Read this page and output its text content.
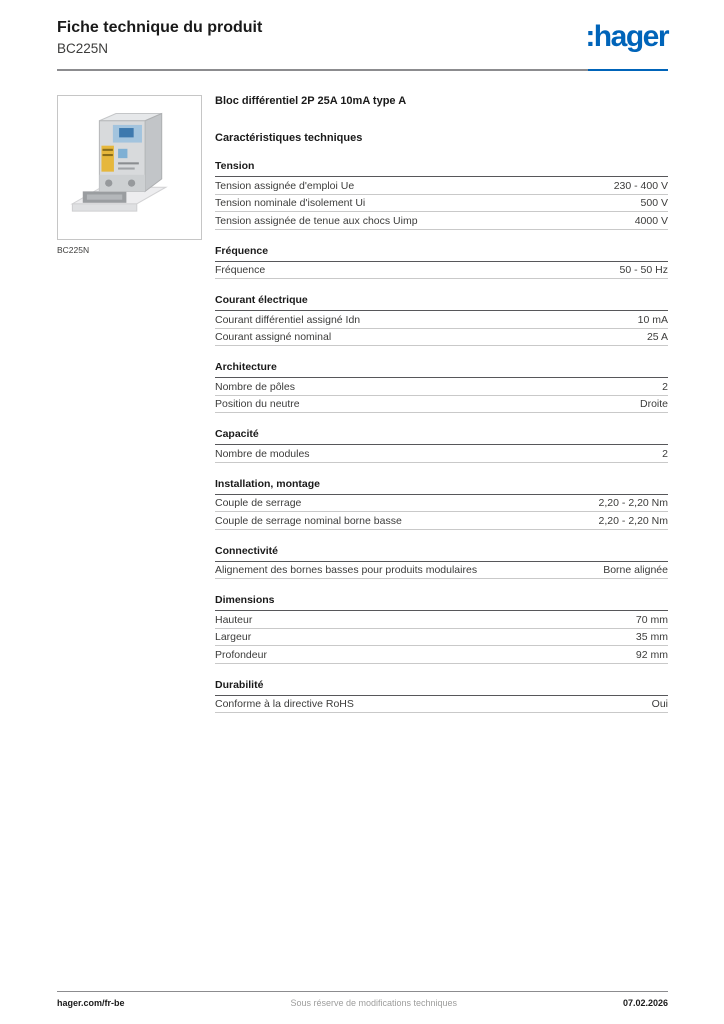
Fiche technique du produit
BC225N	:hager
BC225N
Bloc différentiel 2P 25A 10mA type A
Caractéristiques techniques
Tension
Tension assignée d'emploi Ue	230 - 400 V
Tension nominale d'isolement Ui	500 V
Tension assignée de tenue aux chocs Uimp	4000 V
Fréquence
Fréquence	50 - 50 Hz
Courant électrique
Courant différentiel assigné Idn	10 mA
Courant assigné nominal	25 A
Architecture
Nombre de pôles	2
Position du neutre	Droite
Capacité
Nombre de modules	2
Installation, montage
Couple de serrage	2,20 - 2,20 Nm
Couple de serrage nominal borne basse	2,20 - 2,20 Nm
Connectivité
Alignement des bornes basses pour produits modulaires	Borne alignée
Dimensions
Hauteur	70 mm
Largeur	35 mm
Profondeur	92 mm
Durabilité
Conforme à la directive RoHS	Oui
hager.com/fr-be	Sous réserve de modifications techniques	07.02.2026
